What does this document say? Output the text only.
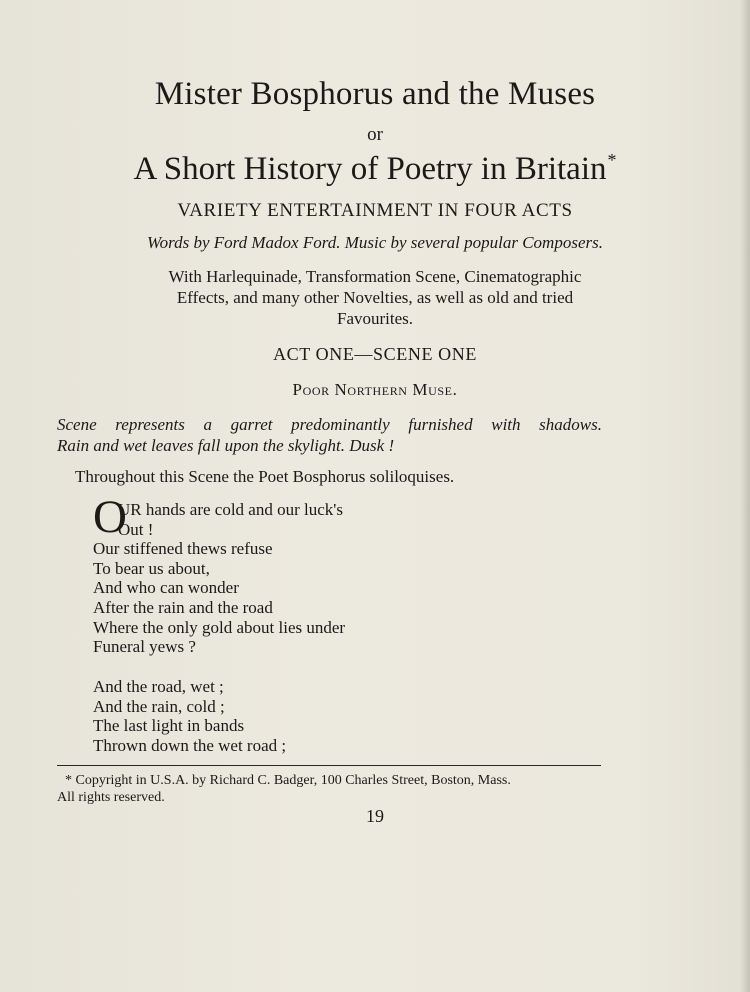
Mister Bosphorus and the Muses
or
A Short History of Poetry in Britain*
VARIETY ENTERTAINMENT IN FOUR ACTS
Words by Ford Madox Ford. Music by several popular Composers.
With Harlequinade, Transformation Scene, Cinematographic
Effects, and many other Novelties, as well as old and tried
Favourites.
ACT ONE—SCENE ONE
Poor Northern Muse.
Scene represents a garret predominantly furnished with shadows.
Rain and wet leaves fall upon the skylight. Dusk !
Throughout this Scene the Poet Bosphorus soliloquises.
O
UR hands are cold and our luck's
Out !
Our stiffened thews refuse
To bear us about,
And who can wonder
After the rain and the road
Where the only gold about lies under
Funeral yews ?
And the road, wet ;
And the rain, cold ;
The last light in bands
Thrown down the wet road ;
* Copyright in U.S.A. by Richard C. Badger, 100 Charles Street, Boston, Mass.
All rights reserved.
19
